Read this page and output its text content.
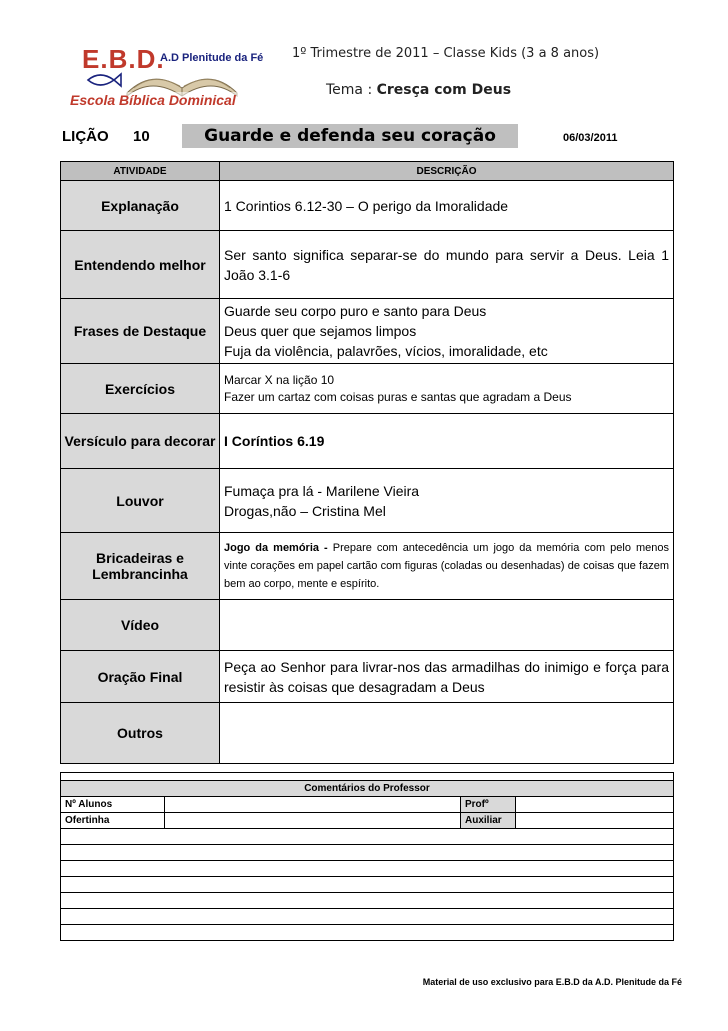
E.B.D.
A.D Plenitude da Fé
Escola Bíblica Dominical
1º Trimestre de 2011 – Classe Kids (3 a 8 anos)
Tema : Cresça com Deus
LIÇÃO 10	Guarde e defenda seu coração	06/03/2011
ATIVIDADE	DESCRIÇÃO
Explanação	1 Corintios 6.12-30 – O perigo da Imoralidade
Entendendo melhor	Ser santo significa separar-se do mundo para servir a Deus. Leia 1 João 3.1-6
Frases de Destaque	Guarde seu corpo puro e santo para Deus
Deus quer que sejamos limpos
Fuja da violência, palavrões, vícios, imoralidade, etc

Exercícios	Marcar X na lição 10
Fazer um cartaz com coisas puras e santas que agradam a Deus

Versículo para decorar	I Coríntios 6.19
Louvor	Fumaça pra lá - Marilene Vieira
Drogas,não – Cristina Mel

Bricadeiras e
Lembrancinha	Jogo da memória - Prepare com antecedência um jogo da memória com pelo menos vinte corações em papel cartão com figuras (coladas ou desenhadas) de coisas que fazem bem ao corpo, mente e espírito.
Vídeo	
Oração Final	Peça ao Senhor para livrar-nos das armadilhas do inimigo e força para resistir às coisas que desagradam a Deus
Outros	

Comentários do Professor			
Nº Alunos		Profº	
Ofertinha		Auxiliar	

Material de uso exclusivo para E.B.D da A.D. Plenitude da Fé
